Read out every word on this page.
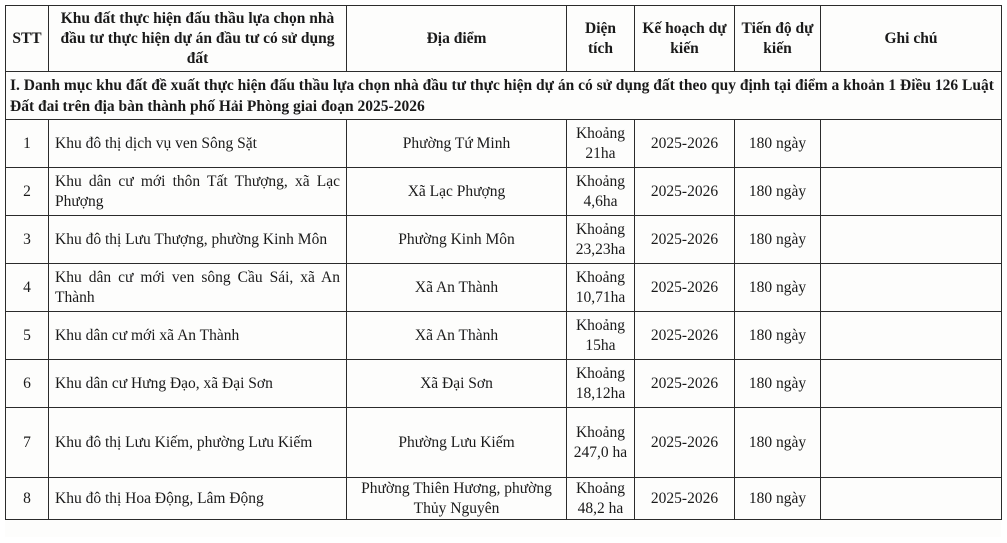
STT	Khu đất thực hiện đấu thầu lựa chọn nhà đầu tư thực hiện dự án đầu tư có sử dụng đất	Địa điểm	Diện tích	Kế hoạch dự kiến	Tiến độ dự kiến	Ghi chú
I. Danh mục khu đất đề xuất thực hiện đấu thầu lựa chọn nhà đầu tư thực hiện dự án có sử dụng đất theo quy định tại điểm a khoản 1 Điều 126 Luật Đất đai trên địa bàn thành phố Hải Phòng giai đoạn 2025-2026						
1	Khu đô thị dịch vụ ven Sông Sặt	Phường Tứ Minh	Khoảng 21ha	2025-2026	180 ngày	
2	Khu dân cư mới thôn Tất Thượng, xã Lạc Phượng	Xã Lạc Phượng	Khoảng 4,6ha	2025-2026	180 ngày	
3	Khu đô thị Lưu Thượng, phường Kinh Môn	Phường Kinh Môn	Khoảng 23,23ha	2025-2026	180 ngày	
4	Khu dân cư mới ven sông Cầu Sái, xã An Thành	Xã An Thành	Khoảng 10,71ha	2025-2026	180 ngày	
5	Khu dân cư mới xã An Thành	Xã An Thành	Khoảng 15ha	2025-2026	180 ngày	
6	Khu dân cư Hưng Đạo, xã Đại Sơn	Xã Đại Sơn	Khoảng 18,12ha	2025-2026	180 ngày	
7	Khu đô thị Lưu Kiếm, phường Lưu Kiếm	Phường Lưu Kiếm	Khoảng 247,0 ha	2025-2026	180 ngày	
8	Khu đô thị Hoa Động, Lâm Động	Phường Thiên Hương, phường Thủy Nguyên	Khoảng 48,2 ha	2025-2026	180 ngày	
